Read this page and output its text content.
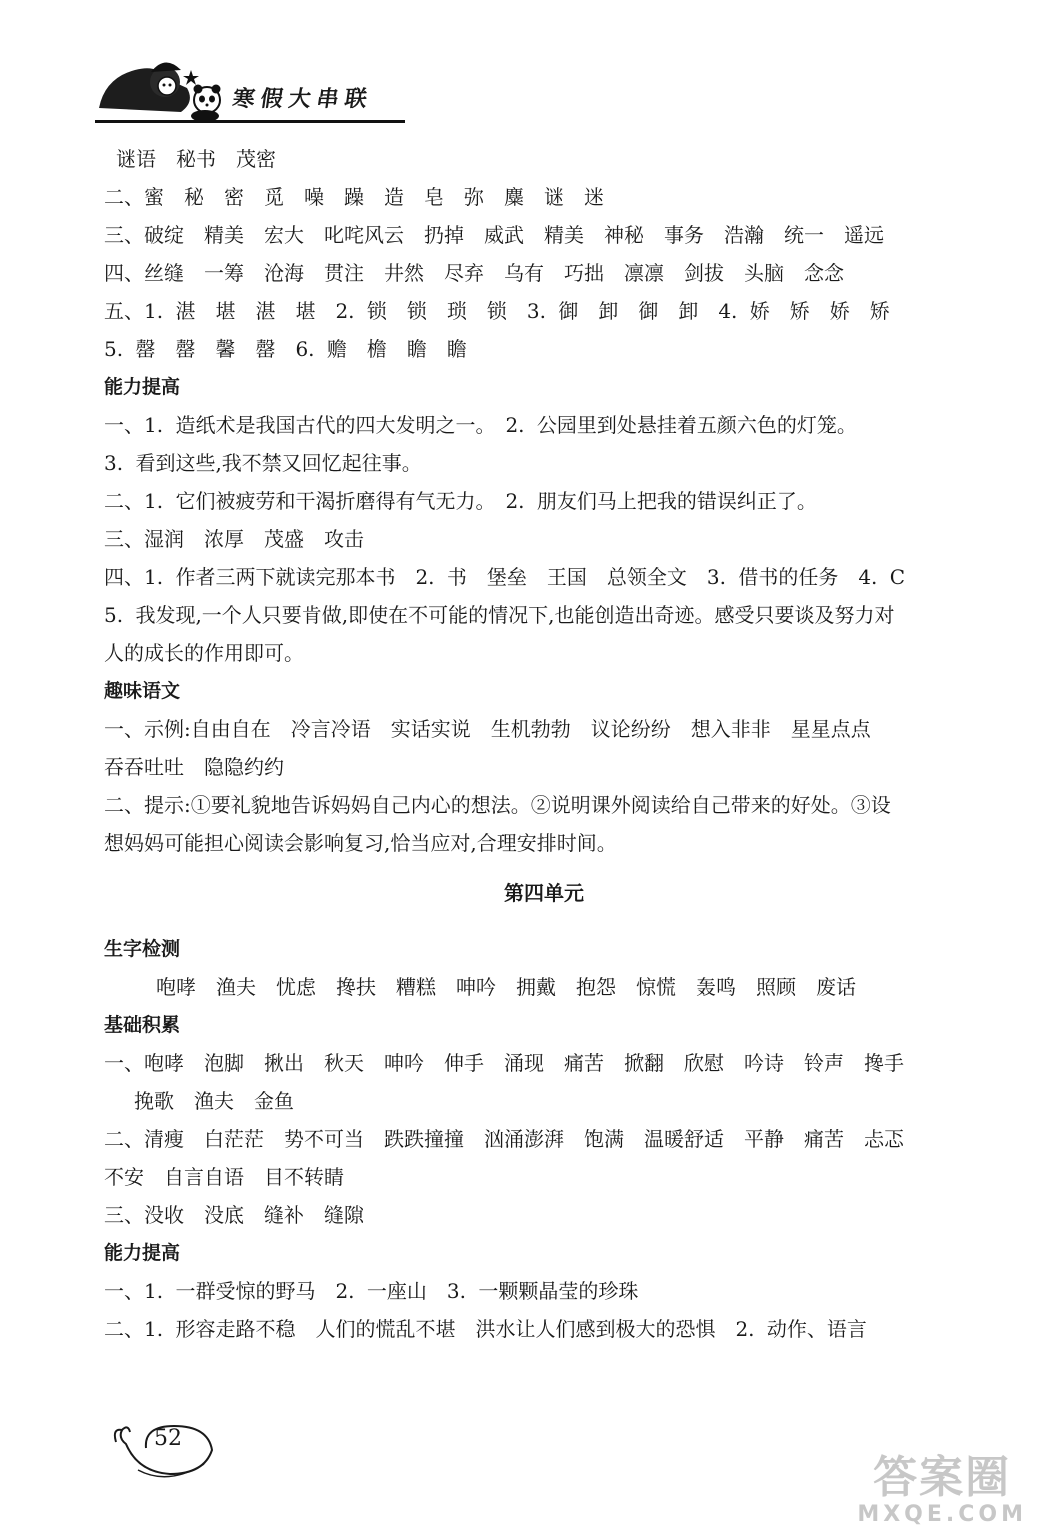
寒假大串联
谜语　秘书　茂密
二、蜜　秘　密　觅　噪　躁　造　皂　弥　麋　谜　迷
三、破绽　精美　宏大　叱咤风云　扔掉　威武　精美　神秘　事务　浩瀚　统一　遥远
四、丝缝　一筹　沧海　贯注　井然　尽弃　乌有　巧拙　凛凛　剑拔　头脑　念念
五、1. 湛　堪　湛　堪　2. 锁　锁　琐　锁　3. 御　卸　御　卸　4. 娇　矫　娇　矫
5. 罄　罄　馨　罄　6. 赡　檐　瞻　瞻
能力提高
一、1. 造纸术是我国古代的四大发明之一。　2. 公园里到处悬挂着五颜六色的灯笼。
3. 看到这些,我不禁又回忆起往事。
二、1. 它们被疲劳和干渴折磨得有气无力。　2. 朋友们马上把我的错误纠正了。
三、湿润　浓厚　茂盛　攻击
四、1. 作者三两下就读完那本书　2. 书　堡垒　王国　总领全文　3. 借书的任务　4. C
5. 我发现,一个人只要肯做,即使在不可能的情况下,也能创造出奇迹。感受只要谈及努力对
人的成长的作用即可。
趣味语文
一、示例:自由自在　冷言冷语　实话实说　生机勃勃　议论纷纷　想入非非　星星点点
吞吞吐吐　隐隐约约
二、提示:①要礼貌地告诉妈妈自己内心的想法。②说明课外阅读给自己带来的好处。③设
想妈妈可能担心阅读会影响复习,恰当应对,合理安排时间。
第四单元
生字检测
咆哮　渔夫　忧虑　搀扶　糟糕　呻吟　拥戴　抱怨　惊慌　轰鸣　照顾　废话
基础积累
一、咆哮　泡脚　揪出　秋天　呻吟　伸手　涌现　痛苦　掀翻　欣慰　吟诗　铃声　搀手
挽歌　渔夫　金鱼
二、清瘦　白茫茫　势不可当　跌跌撞撞　汹涌澎湃　饱满　温暖舒适　平静　痛苦　忐忑
不安　自言自语　目不转睛
三、没收　没底　缝补　缝隙
能力提高
一、1. 一群受惊的野马　2. 一座山　3. 一颗颗晶莹的珍珠
二、1. 形容走路不稳　人们的慌乱不堪　洪水让人们感到极大的恐惧　2. 动作、语言
52
答案圈
MXQE.COM
